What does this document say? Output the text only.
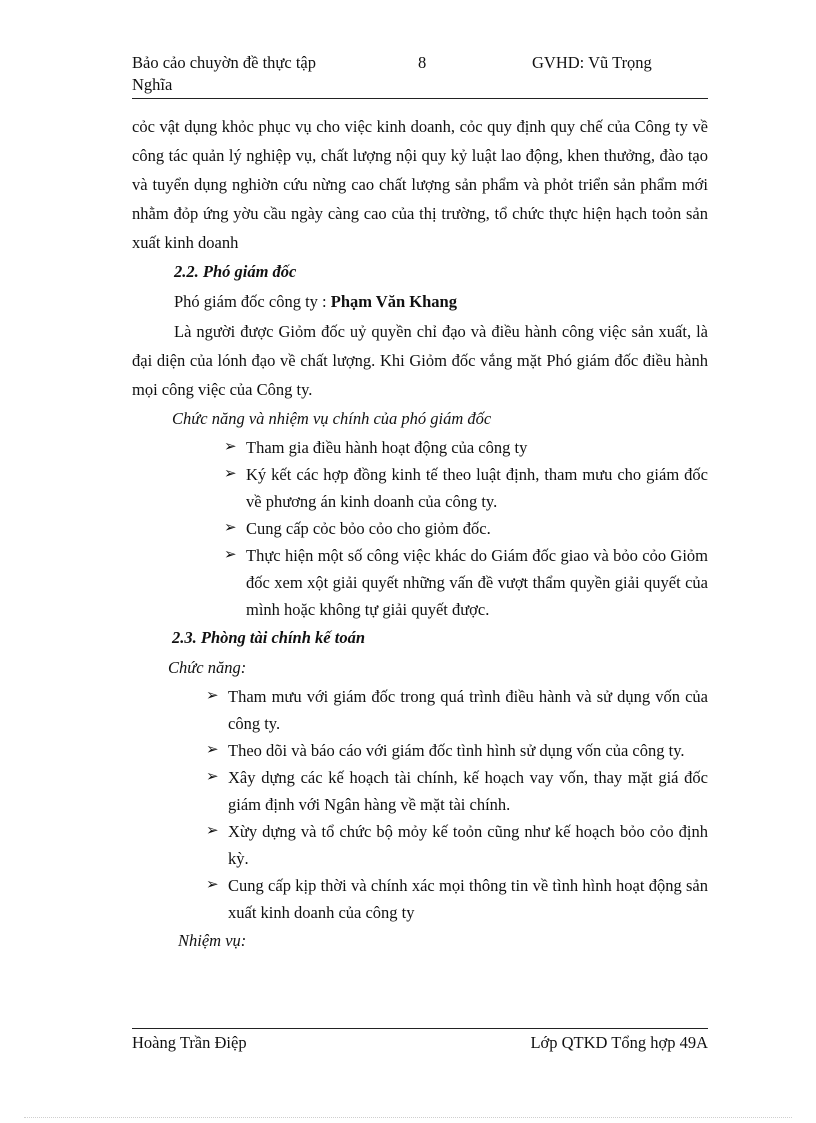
Bảo cảo chuyờn đề thực tập Nghĩa
8	GVHD: Vũ Trọng

cỏc vật dụng khỏc phục vụ cho việc kinh doanh, cỏc quy định quy chế của Công ty về công tác quản lý nghiệp vụ, chất lượng nội quy kỷ luật lao động, khen thưởng, đào tạo và tuyển dụng nghiờn cứu nừng cao chất lượng sản phẩm và phỏt triển sản phẩm mới nhằm đỏp ứng yờu cầu ngày càng cao của thị trường, tổ chức thực hiện hạch toỏn sản xuất kinh doanh

2.2. Phó giám đốc

Phó giám đốc công ty : Phạm Văn Khang

Là người được Giỏm đốc uỷ quyền chỉ đạo và điều hành công việc sản xuất, là đại diện của lónh đạo về chất lượng. Khi Giỏm đốc vắng mặt Phó giám đốc điều hành mọi công việc của Công ty.

Chức năng và nhiệm vụ chính của phó giám đốc

➢ Tham gia điều hành hoạt động của công ty
➢ Ký kết các hợp đồng kinh tế theo luật định, tham mưu cho giám đốc về phương án kinh doanh của công ty.
➢ Cung cấp cỏc bỏo cỏo cho giỏm đốc.
➢ Thực hiện một số công việc khác do Giám đốc giao và bỏo cỏo Giỏm đốc xem xột giải quyết những vấn đề vượt thẩm quyền giải quyết của mình hoặc không tự giải quyết được.

2.3. Phòng tài chính kế toán

Chức năng:

➢ Tham mưu với giám đốc trong quá trình điều hành và sử dụng vốn của công ty.
➢ Theo dõi và báo cáo với giám đốc tình hình sử dụng vốn của công ty.
➢ Xây dựng các kế hoạch tài chính, kế hoạch vay vốn, thay mặt giá đốc giám định với Ngân hàng về mặt tài chính.
➢ Xừy dựng và tổ chức bộ mỏy kế toỏn cũng như kế hoạch bỏo cỏo định kỳ.
➢ Cung cấp kịp thời và chính xác mọi thông tin về tình hình hoạt động sản xuất kinh doanh của công ty

Nhiệm vụ:

Hoàng Trần Điệp	Lớp QTKD Tổng hợp 49A
